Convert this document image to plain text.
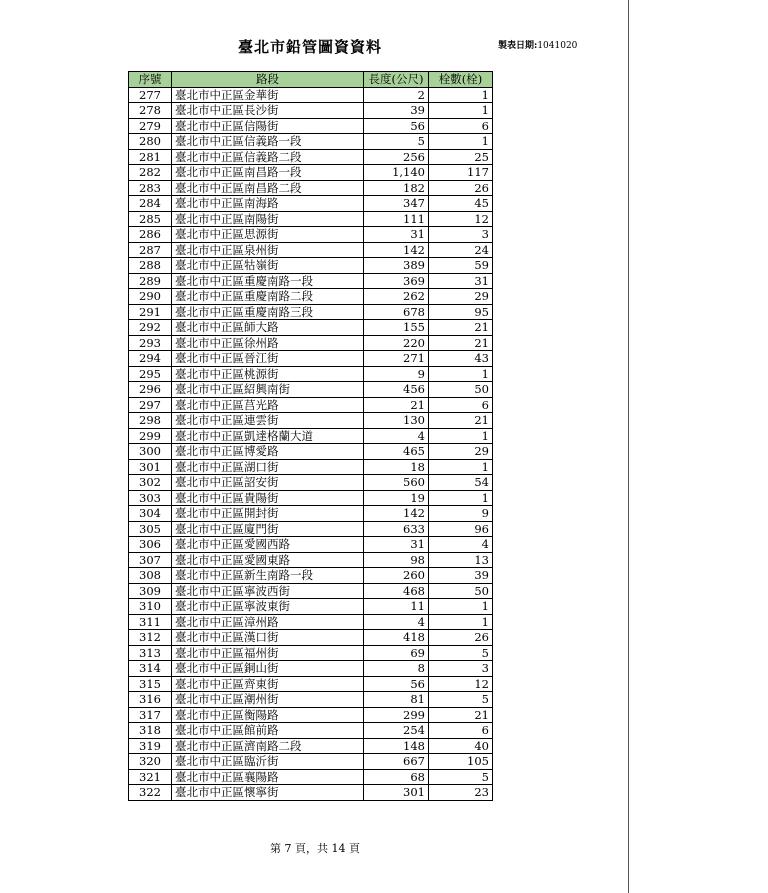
臺北市鉛管圖資資料	製表日期:1041020
序號	路段	長度(公尺)	栓數(栓)
277	臺北市中正區金華街	2	1
278	臺北市中正區長沙街	39	1
279	臺北市中正區信陽街	56	6
280	臺北市中正區信義路一段	5	1
281	臺北市中正區信義路二段	256	25
282	臺北市中正區南昌路一段	1,140	117
283	臺北市中正區南昌路二段	182	26
284	臺北市中正區南海路	347	45
285	臺北市中正區南陽街	111	12
286	臺北市中正區思源街	31	3
287	臺北市中正區泉州街	142	24
288	臺北市中正區牯嶺街	389	59
289	臺北市中正區重慶南路一段	369	31
290	臺北市中正區重慶南路二段	262	29
291	臺北市中正區重慶南路三段	678	95
292	臺北市中正區師大路	155	21
293	臺北市中正區徐州路	220	21
294	臺北市中正區晉江街	271	43
295	臺北市中正區桃源街	9	1
296	臺北市中正區紹興南街	456	50
297	臺北市中正區莒光路	21	6
298	臺北市中正區連雲街	130	21
299	臺北市中正區凱達格蘭大道	4	1
300	臺北市中正區博愛路	465	29
301	臺北市中正區湖口街	18	1
302	臺北市中正區詔安街	560	54
303	臺北市中正區貴陽街	19	1
304	臺北市中正區開封街	142	9
305	臺北市中正區廈門街	633	96
306	臺北市中正區愛國西路	31	4
307	臺北市中正區愛國東路	98	13
308	臺北市中正區新生南路一段	260	39
309	臺北市中正區寧波西街	468	50
310	臺北市中正區寧波東街	11	1
311	臺北市中正區漳州路	4	1
312	臺北市中正區漢口街	418	26
313	臺北市中正區福州街	69	5
314	臺北市中正區銅山街	8	3
315	臺北市中正區齊東街	56	12
316	臺北市中正區潮州街	81	5
317	臺北市中正區衡陽路	299	21
318	臺北市中正區館前路	254	6
319	臺北市中正區濟南路二段	148	40
320	臺北市中正區臨沂街	667	105
321	臺北市中正區襄陽路	68	5
322	臺北市中正區懷寧街	301	23
第 7 頁，共 14 頁
